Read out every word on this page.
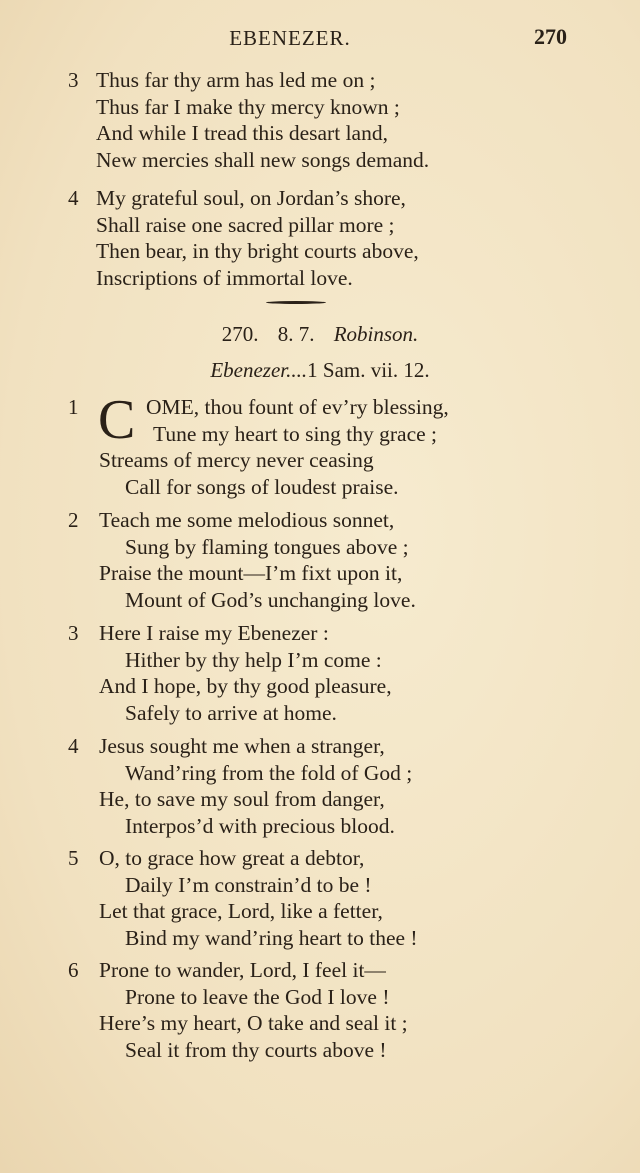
EBENEZER.	270
3 Thus far thy arm has led me on ;
Thus far I make thy mercy known ;
And while I tread this desart land,
New mercies shall new songs demand.
4 My grateful soul, on Jordan’s shore,
Shall raise one sacred pillar more ;
Then bear, in thy bright courts above,
Inscriptions of immortal love.
270. 8. 7. Robinson.
Ebenezer....1 Sam. vii. 12.
C
1	OME, thou fount of ev’ry blessing,
Tune my heart to sing thy grace ;
Streams of mercy never ceasing
Call for songs of loudest praise.
2 Teach me some melodious sonnet,
Sung by flaming tongues above ;
Praise the mount—I’m fixt upon it,
Mount of God’s unchanging love.
3 Here I raise my Ebenezer :
Hither by thy help I’m come :
And I hope, by thy good pleasure,
Safely to arrive at home.
4 Jesus sought me when a stranger,
Wand’ring from the fold of God ;
He, to save my soul from danger,
Interpos’d with precious blood.
5 O, to grace how great a debtor,
Daily I’m constrain’d to be !
Let that grace, Lord, like a fetter,
Bind my wand’ring heart to thee !
6 Prone to wander, Lord, I feel it—
Prone to leave the God I love !
Here’s my heart, O take and seal it ;
Seal it from thy courts above !
